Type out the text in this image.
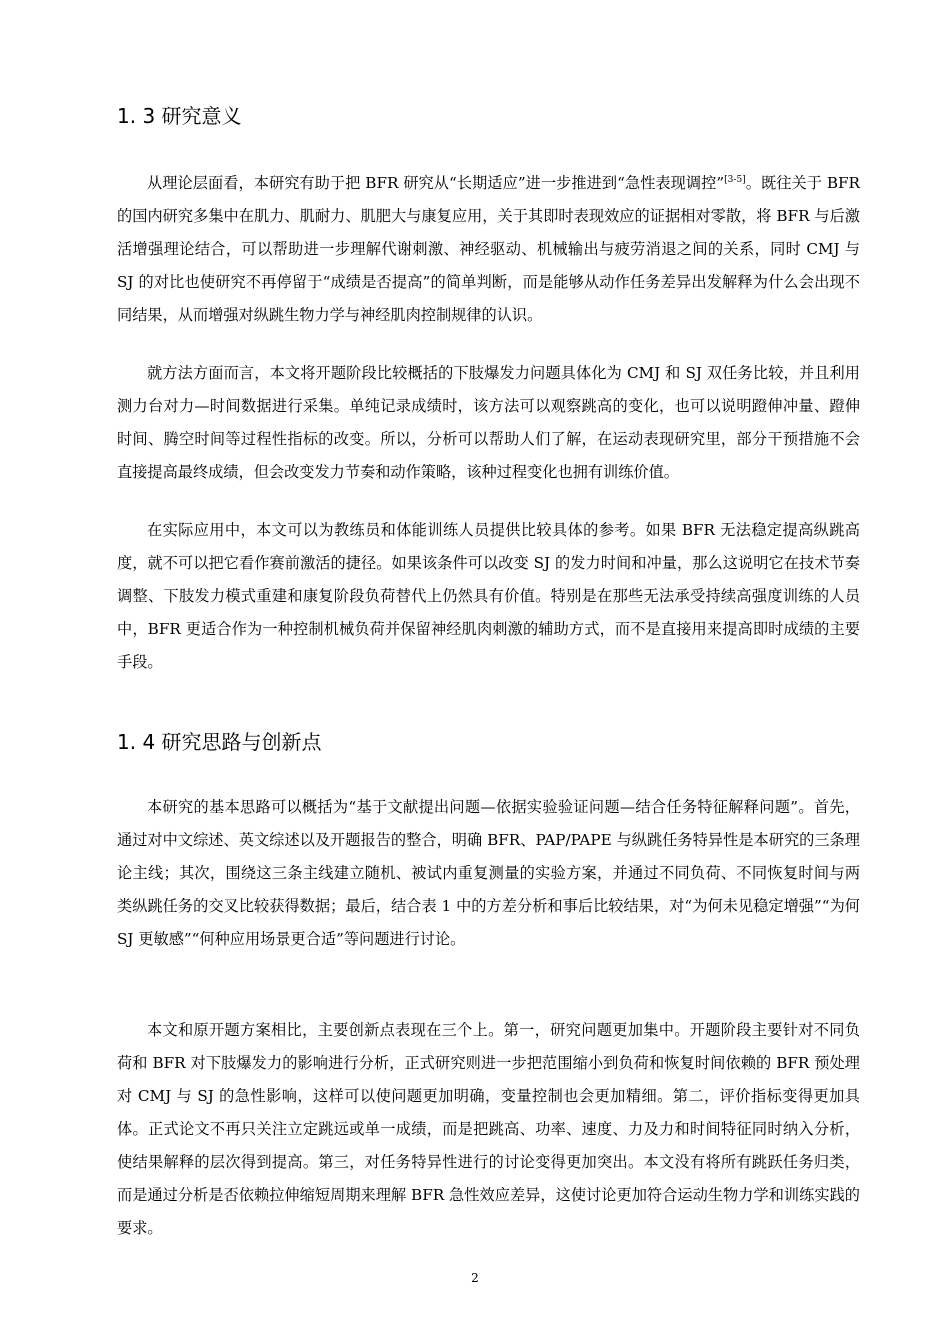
1. 3 研究意义

从理论层面看，本研究有助于把 BFR 研究从“长期适应”进一步推进到“急性表现调控”[3-5]。既往关于 BFR 的国内研究多集中在肌力、肌耐力、肌肥大与康复应用，关于其即时表现效应的证据相对零散，将 BFR 与后激活增强理论结合，可以帮助进一步理解代谢刺激、神经驱动、机械输出与疲劳消退之间的关系，同时 CMJ 与 SJ 的对比也使研究不再停留于“成绩是否提高”的简单判断，而是能够从动作任务差异出发解释为什么会出现不同结果，从而增强对纵跳生物力学与神经肌肉控制规律的认识。

就方法方面而言，本文将开题阶段比较概括的下肢爆发力问题具体化为 CMJ 和 SJ 双任务比较，并且利用测力台对力—时间数据进行采集。单纯记录成绩时，该方法可以观察跳高的变化，也可以说明蹬伸冲量、蹬伸时间、腾空时间等过程性指标的改变。所以，分析可以帮助人们了解，在运动表现研究里，部分干预措施不会直接提高最终成绩，但会改变发力节奏和动作策略，该种过程变化也拥有训练价值。

在实际应用中，本文可以为教练员和体能训练人员提供比较具体的参考。如果 BFR 无法稳定提高纵跳高度，就不可以把它看作赛前激活的捷径。如果该条件可以改变 SJ 的发力时间和冲量，那么这说明它在技术节奏调整、下肢发力模式重建和康复阶段负荷替代上仍然具有价值。特别是在那些无法承受持续高强度训练的人员中，BFR 更适合作为一种控制机械负荷并保留神经肌肉刺激的辅助方式，而不是直接用来提高即时成绩的主要手段。

1. 4 研究思路与创新点

本研究的基本思路可以概括为“基于文献提出问题—依据实验验证问题—结合任务特征解释问题”。首先，通过对中文综述、英文综述以及开题报告的整合，明确 BFR、PAP/PAPE 与纵跳任务特异性是本研究的三条理论主线；其次，围绕这三条主线建立随机、被试内重复测量的实验方案，并通过不同负荷、不同恢复时间与两类纵跳任务的交叉比较获得数据；最后，结合表 1 中的方差分析和事后比较结果，对“为何未见稳定增强”“为何 SJ 更敏感”“何种应用场景更合适”等问题进行讨论。

本文和原开题方案相比，主要创新点表现在三个上。第一，研究问题更加集中。开题阶段主要针对不同负荷和 BFR 对下肢爆发力的影响进行分析，正式研究则进一步把范围缩小到负荷和恢复时间依赖的 BFR 预处理对 CMJ 与 SJ 的急性影响，这样可以使问题更加明确，变量控制也会更加精细。第二，评价指标变得更加具体。正式论文不再只关注立定跳远或单一成绩，而是把跳高、功率、速度、力及力和时间特征同时纳入分析，使结果解释的层次得到提高。第三，对任务特异性进行的讨论变得更加突出。本文没有将所有跳跃任务归类，而是通过分析是否依赖拉伸缩短周期来理解 BFR 急性效应差异，这使讨论更加符合运动生物力学和训练实践的要求。

2
